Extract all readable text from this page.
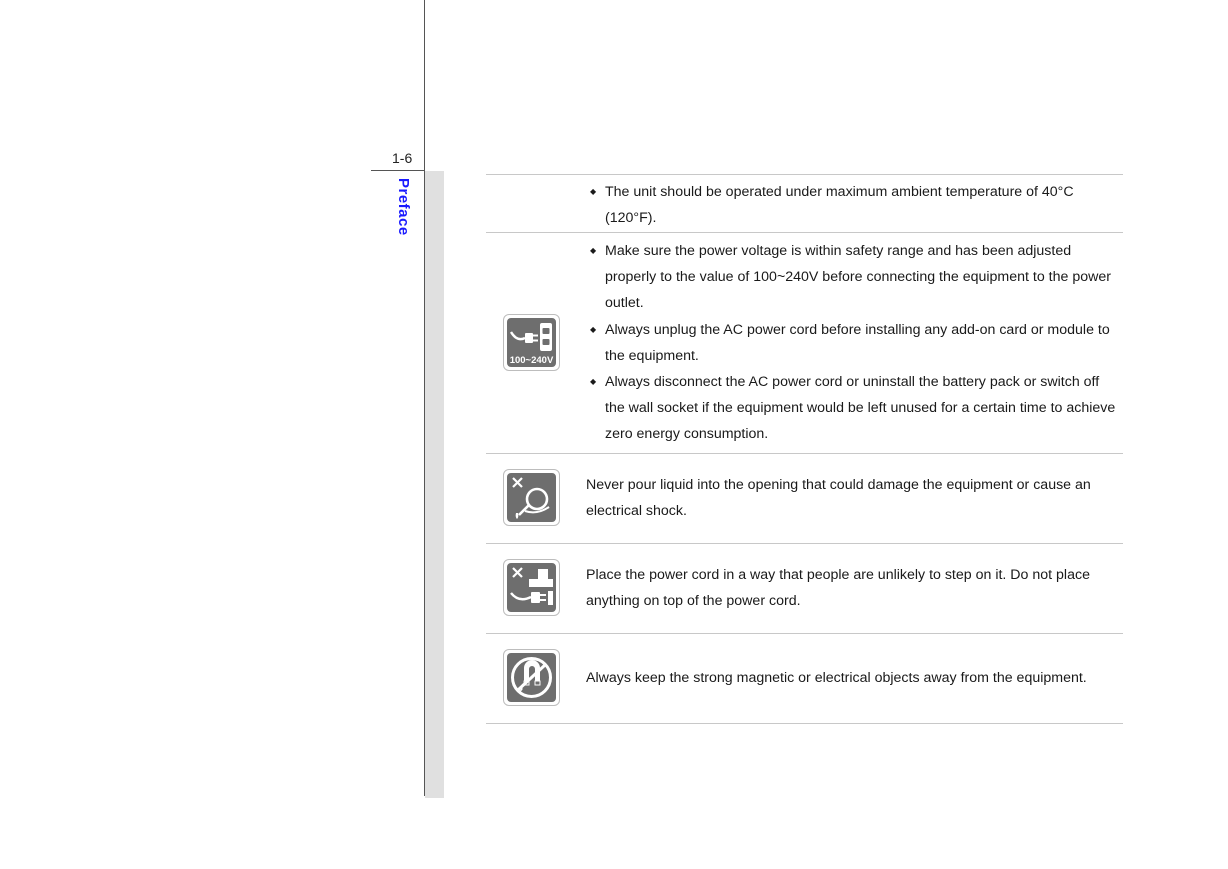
1-6
Preface
◆	The unit should be operated under maximum ambient temperature of 40°C (120°F).
100~240V
◆ Make sure the power voltage is within safety range and has been adjusted properly to the value of 100~240V before connecting the equipment to the power outlet.
◆ Always unplug the AC power cord before installing any add-on card or module to the equipment.
◆ Always disconnect the AC power cord or uninstall the battery pack or switch off the wall socket if the equipment would be left unused for a certain time to achieve zero energy consumption.
Never pour liquid into the opening that could damage the equipment or cause an electrical shock.
Place the power cord in a way that people are unlikely to step on it. Do not place anything on top of the power cord.
Always keep the strong magnetic or electrical objects away from the equipment.
